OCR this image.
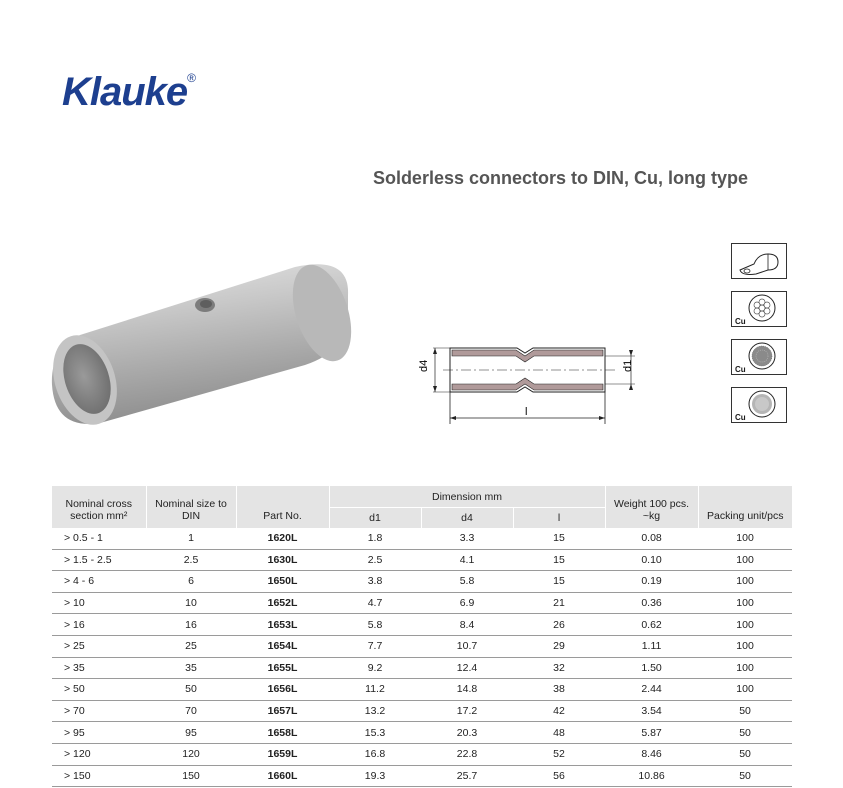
Klauke®
Solderless connectors to DIN, Cu, long type
d4	d1
l
Cu
Cu
Cu
Nominal cross section mm²	Nominal size to DIN	Part No.	Dimension mm			Weight 100 pcs. ~kg	Packing unit/pcs
			d1	d4	l		
> 0.5 - 1	1	1620L	1.8	3.3	15	0.08	100
> 1.5 - 2.5	2.5	1630L	2.5	4.1	15	0.10	100
> 4 - 6	6	1650L	3.8	5.8	15	0.19	100
> 10	10	1652L	4.7	6.9	21	0.36	100
> 16	16	1653L	5.8	8.4	26	0.62	100
> 25	25	1654L	7.7	10.7	29	1.11	100
> 35	35	1655L	9.2	12.4	32	1.50	100
> 50	50	1656L	11.2	14.8	38	2.44	100
> 70	70	1657L	13.2	17.2	42	3.54	50
> 95	95	1658L	15.3	20.3	48	5.87	50
> 120	120	1659L	16.8	22.8	52	8.46	50
> 150	150	1660L	19.3	25.7	56	10.86	50
